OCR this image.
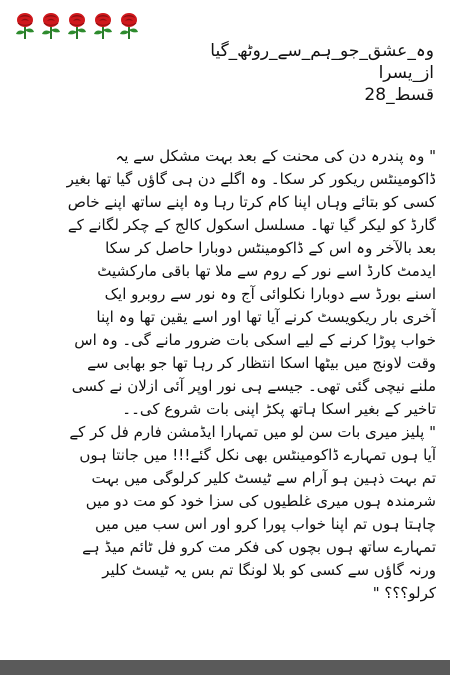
وہ_عشق_جو_ہم_سے_روٹھ_گیا
از_یسرا
قسط_28
" وہ پندرہ دن کی محنت کے بعد بہت مشکل سے یہ
ڈاکومینٹس ریکور کر سکا۔ وہ اگلے دن ہی گاؤں گیا تھا بغیر
کسی کو بتائے وہاں اپنا کام کرتا رہا وہ اپنے ساتھ اپنے خاص
گارڈ کو لیکر گیا تھا۔ مسلسل اسکول کالج کے چکر لگانے کے
بعد بالآخر وہ اس کے ڈاکومینٹس دوبارا حاصل کر سکا
ایدمٹ کارڈ اسے نور کے روم سے ملا تھا باقی مارکشیٹ
اسنے بورڈ سے دوبارا نکلوائی آج وہ نور سے روبرو ایک
آخری بار ریکویسٹ کرنے آیا تھا اور اسے یقین تھا وہ اپنا
خواب پوڑا کرنے کے لیے اسکی بات ضرور مانے گی۔ وہ اس
وقت لاونج میں بیٹھا اسکا انتظار کر رہا تھا جو بھابی سے
ملنے نیچی گئی تھی۔ جیسے ہی نور اوپر آئی ازلان نے کسی
تاخیر کے بغیر اسکا ہاتھ پکڑ اپنی بات شروع کی۔۔
" پلیز میری بات سن لو میں تمہارا ایڈمشن فارم فل کر کے
آیا ہوں تمہارے ڈاکومینٹس بھی نکل گئے!!! میں جانتا ہوں
تم بہت ذہین ہو آرام سے ٹیسٹ کلیر کرلوگی میں بہت
شرمندہ ہوں میری غلطیوں کی سزا خود کو مت دو میں
چاہتا ہوں تم اپنا خواب پورا کرو اور اس سب میں میں
تمہارے ساتھ ہوں بچوں کی فکر مت کرو فل ٹائم میڈ ہے
ورنہ گاؤں سے کسی کو بلا لونگا تم بس یہ ٹیسٹ کلیر
کرلو؟؟؟ "
